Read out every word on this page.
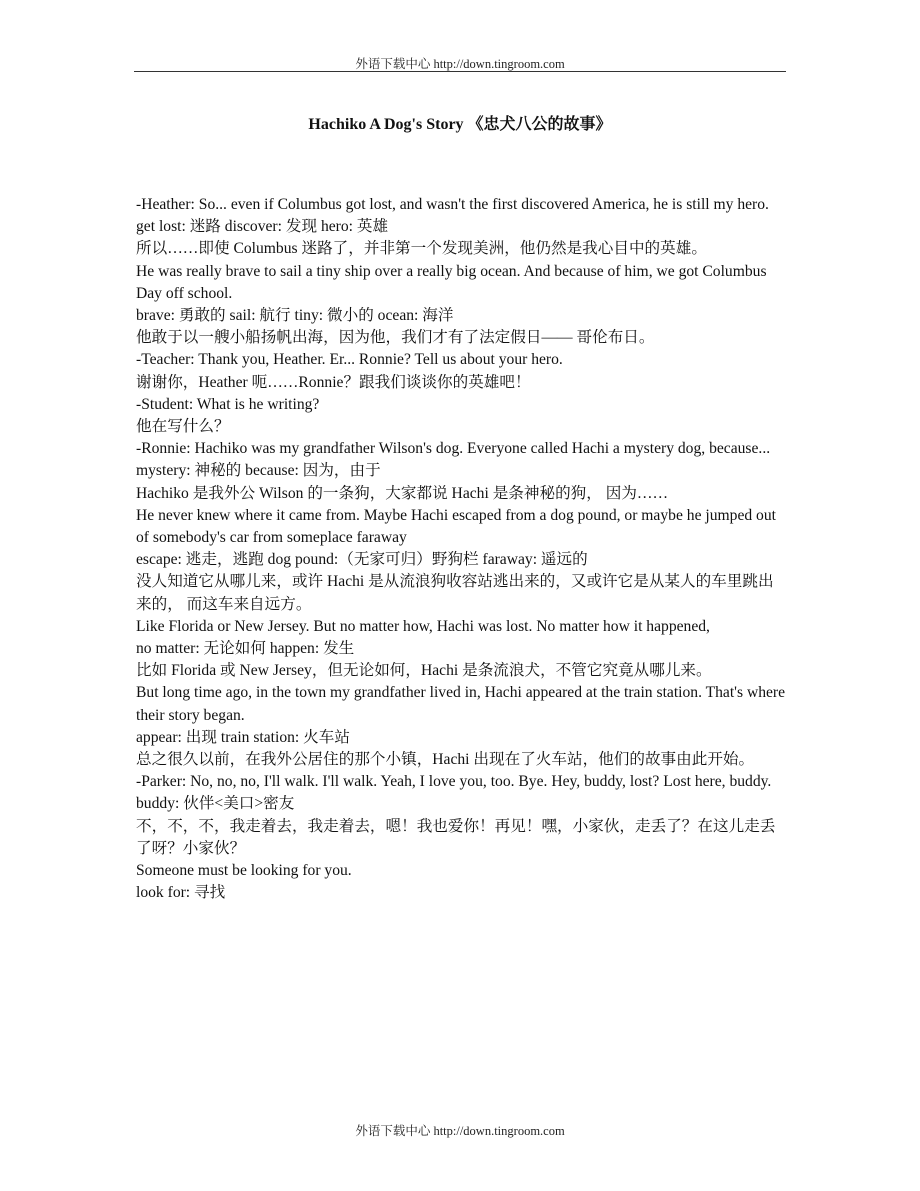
外语下载中心 http://down.tingroom.com
Hachiko A Dog's Story 《忠犬八公的故事》

-Heather: So... even if Columbus got lost, and wasn't the first discovered America, he is still my hero.

get lost: 迷路 discover: 发现 hero: 英雄

所以……即使 Columbus 迷路了，并非第一个发现美洲，他仍然是我心目中的英雄。

He was really brave to sail a tiny ship over a really big ocean. And because of him, we got Columbus Day off school.

brave: 勇敢的 sail: 航行 tiny: 微小的 ocean: 海洋

他敢于以一艘小船扬帆出海，因为他，我们才有了法定假日—— 哥伦布日。

-Teacher: Thank you, Heather. Er... Ronnie? Tell us about your hero.

谢谢你，Heather 呃……Ronnie？跟我们谈谈你的英雄吧！

-Student: What is he writing?

他在写什么？

-Ronnie: Hachiko was my grandfather Wilson's dog. Everyone called Hachi a mystery dog, because...

mystery: 神秘的 because: 因为，由于

Hachiko 是我外公 Wilson 的一条狗，大家都说 Hachi 是条神秘的狗， 因为……

He never knew where it came from. Maybe Hachi escaped from a dog pound, or maybe he jumped out of somebody's car from someplace faraway

escape: 逃走，逃跑 dog pound:（无家可归）野狗栏 faraway: 遥远的

没人知道它从哪儿来，或许 Hachi 是从流浪狗收容站逃出来的，又或许它是从某人的车里跳出来的， 而这车来自远方。

Like Florida or New Jersey. But no matter how, Hachi was lost. No matter how it happened,

no matter: 无论如何 happen: 发生

比如 Florida 或 New Jersey，但无论如何，Hachi 是条流浪犬，不管它究竟从哪儿来。

But long time ago, in the town my grandfather lived in, Hachi appeared at the train station. That's where their story began.

appear: 出现 train station: 火车站

总之很久以前，在我外公居住的那个小镇，Hachi 出现在了火车站，他们的故事由此开始。

-Parker: No, no, no, I'll walk. I'll walk. Yeah, I love you, too. Bye. Hey, buddy, lost? Lost here, buddy.

buddy: 伙伴<美口>密友

不，不，不，我走着去，我走着去，嗯！我也爱你！再见！嘿，小家伙，走丢了？在这儿走丢了呀？小家伙？

Someone must be looking for you.

look for: 寻找

外语下载中心 http://down.tingroom.com
